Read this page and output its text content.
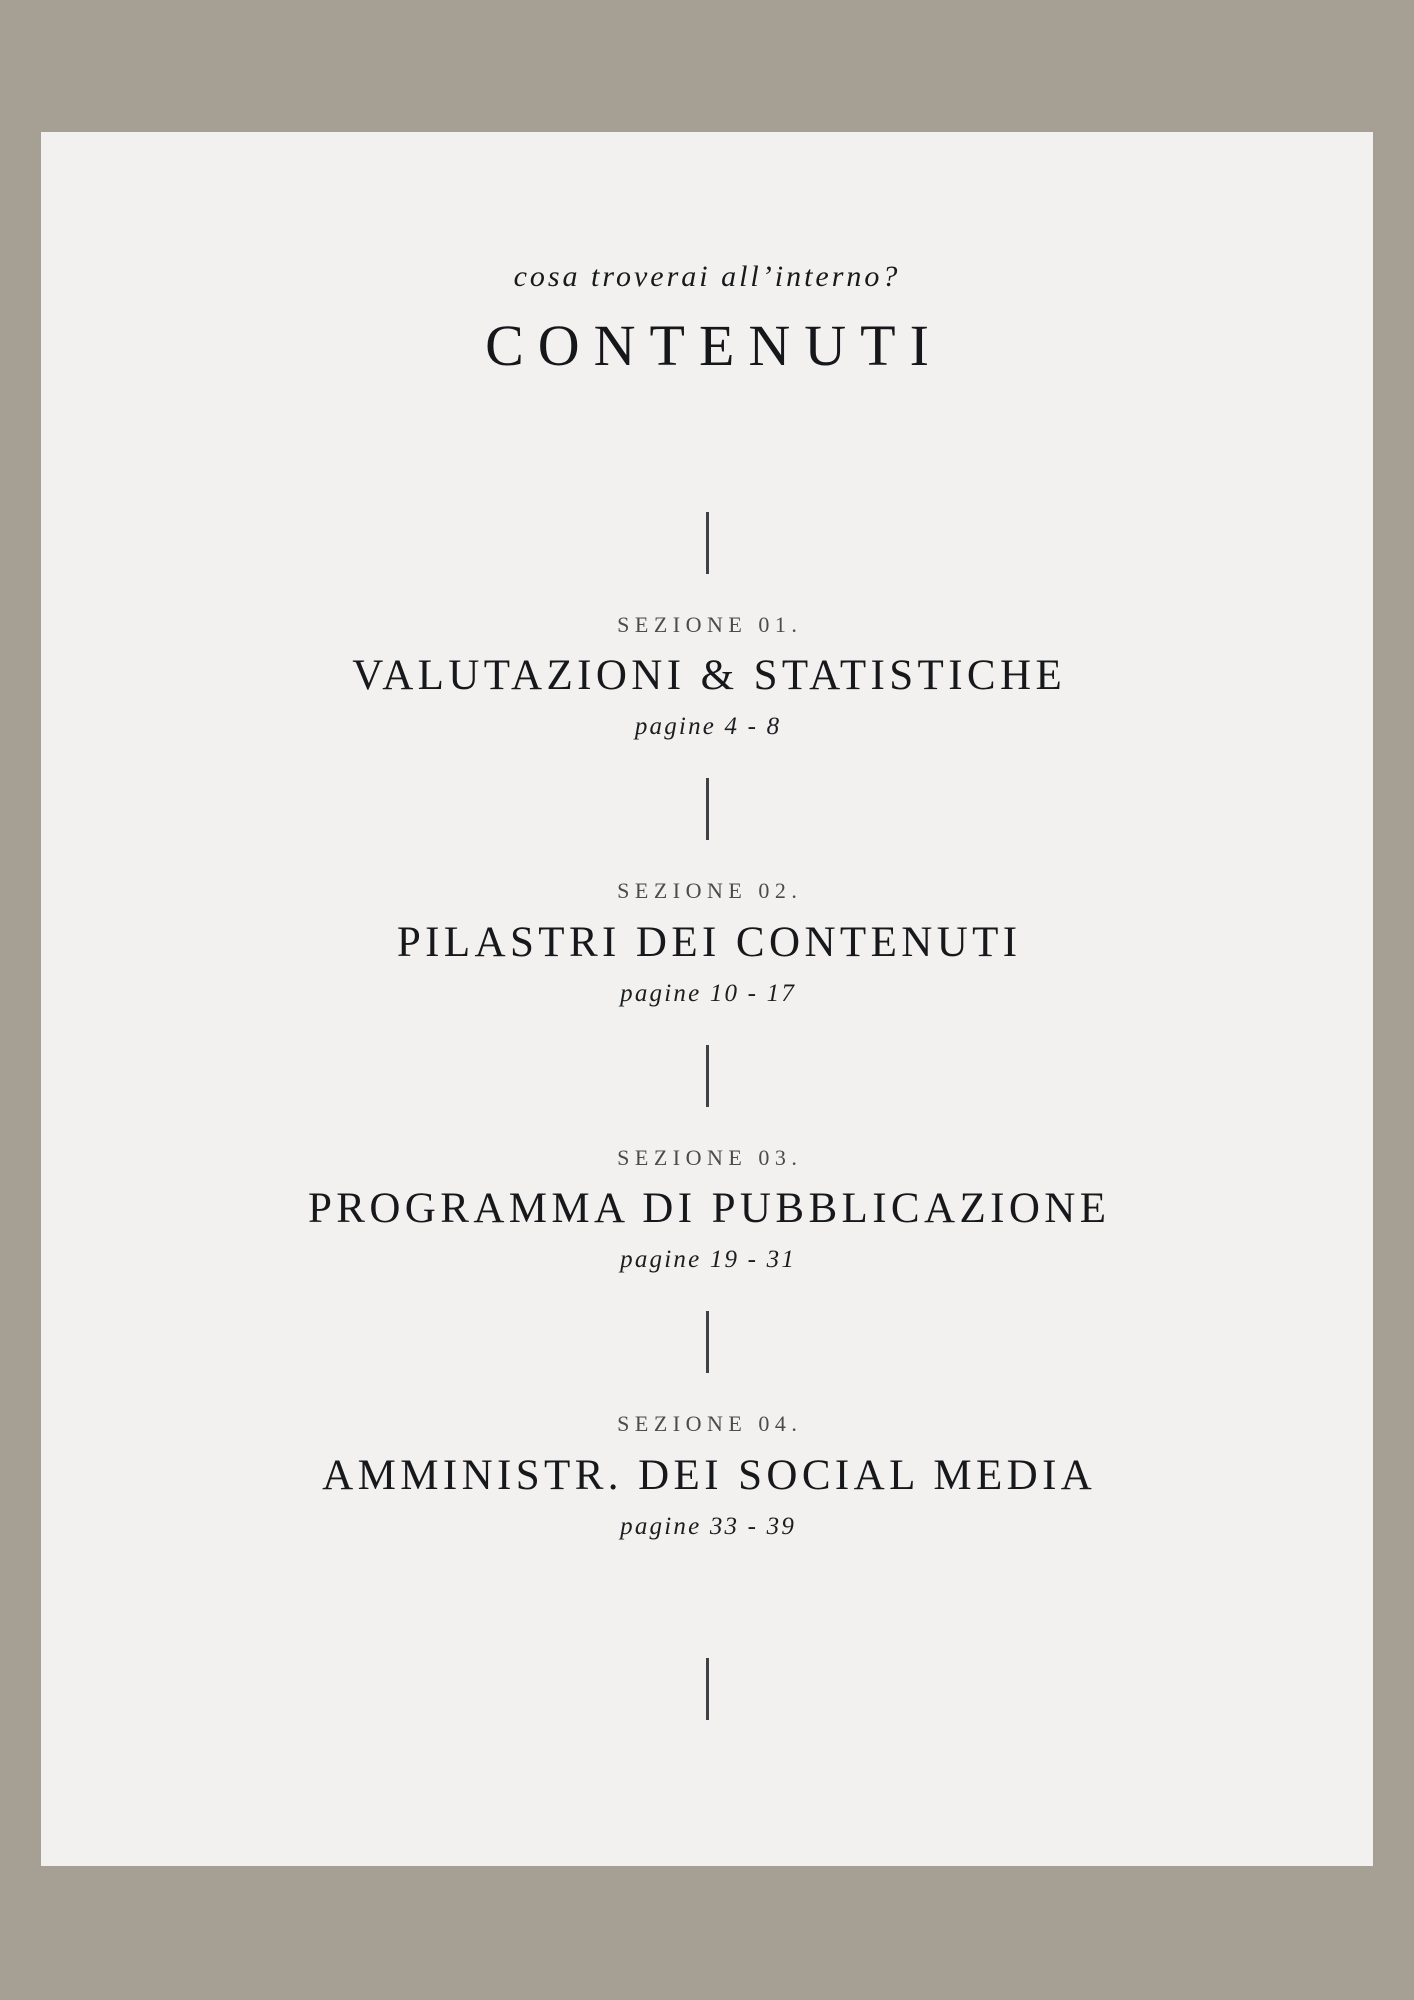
cosa troverai all’interno?
CONTENUTI
SEZIONE 01.
VALUTAZIONI & STATISTICHE
pagine 4 - 8
SEZIONE 02.
PILASTRI DEI CONTENUTI
pagine 10 - 17
SEZIONE 03.
PROGRAMMA DI PUBBLICAZIONE
pagine 19 - 31
SEZIONE 04.
AMMINISTR. DEI SOCIAL MEDIA
pagine 33 - 39
